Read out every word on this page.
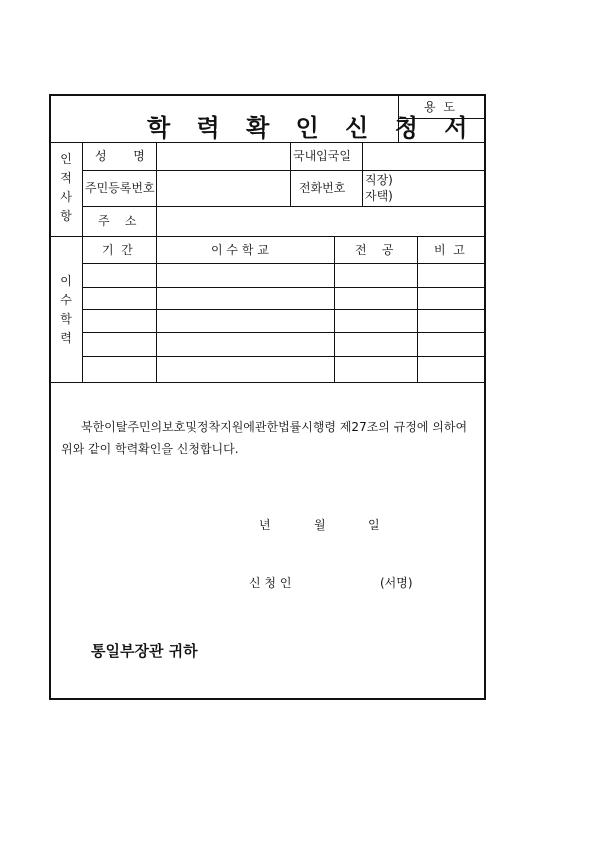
학 력 확 인 신 청 서
용 도
인
적
사
항
성       명	국내입국일
주민등록번호	전화번호
직장)
자택)
주    소
이
수
학
력
기  간	이 수 학 교	전    공	비  고
북한이탈주민의보호및정착지원에관한법률시행령 제27조의 규정에 의하여 위와 같이 학력확인을 신청합니다.
년	월	일
신 청 인	(서명)
통일부장관 귀하
